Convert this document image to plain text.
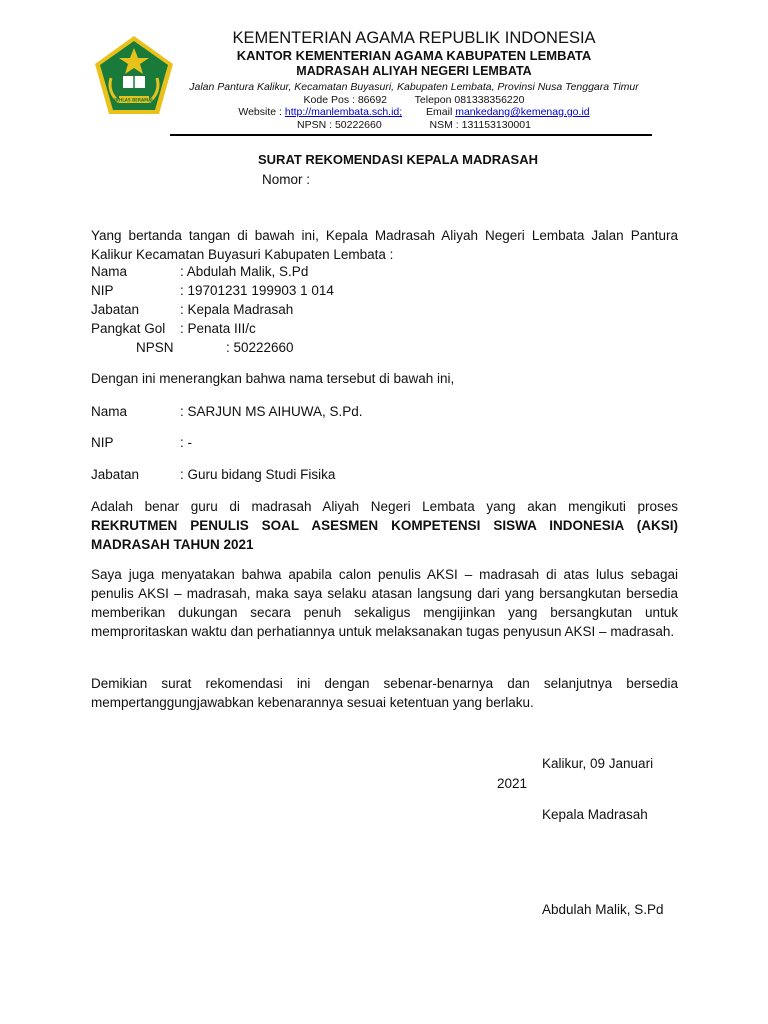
IKHLAS BERAMAL
KEMENTERIAN AGAMA REPUBLIK INDONESIA
KANTOR KEMENTERIAN AGAMA KABUPATEN LEMBATA
MADRASAH ALIYAH NEGERI LEMBATA
Jalan Pantura Kalikur, Kecamatan Buyasuri, Kabupaten Lembata, Provinsi Nusa Tenggara Timur
Kode Pos : 86692	Telepon 081338356220
Website : http://manlembata.sch.id; Email mankedang@kemenag.go.id
NPSN : 50222660	NSM : 131153130001
SURAT REKOMENDASI KEPALA MADRASAH
Nomor :
Yang bertanda tangan di bawah ini, Kepala Madrasah Aliyah Negeri Lembata Jalan Pantura Kalikur Kecamatan Buyasuri Kabupaten Lembata :
Nama	: Abdulah Malik, S.Pd
NIP	: 19701231 199903 1 014
Jabatan	: Kepala Madrasah
Pangkat Gol : Penata III/c
NPSN	: 50222660
Dengan ini menerangkan bahwa nama tersebut di bawah ini,
Nama	: SARJUN MS AIHUWA, S.Pd.
NIP	: -
Jabatan	: Guru bidang Studi Fisika
Adalah benar guru di madrasah Aliyah Negeri Lembata yang akan mengikuti proses REKRUTMEN PENULIS SOAL ASESMEN KOMPETENSI SISWA INDONESIA (AKSI) MADRASAH TAHUN 2021
Saya juga menyatakan bahwa apabila calon penulis AKSI – madrasah di atas lulus sebagai penulis AKSI – madrasah, maka saya selaku atasan langsung dari yang bersangkutan bersedia memberikan dukungan secara penuh sekaligus mengijinkan yang bersangkutan untuk memproritaskan waktu dan perhatiannya untuk melaksanakan tugas penyusun AKSI – madrasah.
Demikian surat rekomendasi ini dengan sebenar-benarnya dan selanjutnya bersedia mempertanggungjawabkan kebenarannya sesuai ketentuan yang berlaku.
Kalikur, 09 Januari
2021
Kepala Madrasah
Abdulah Malik, S.Pd
